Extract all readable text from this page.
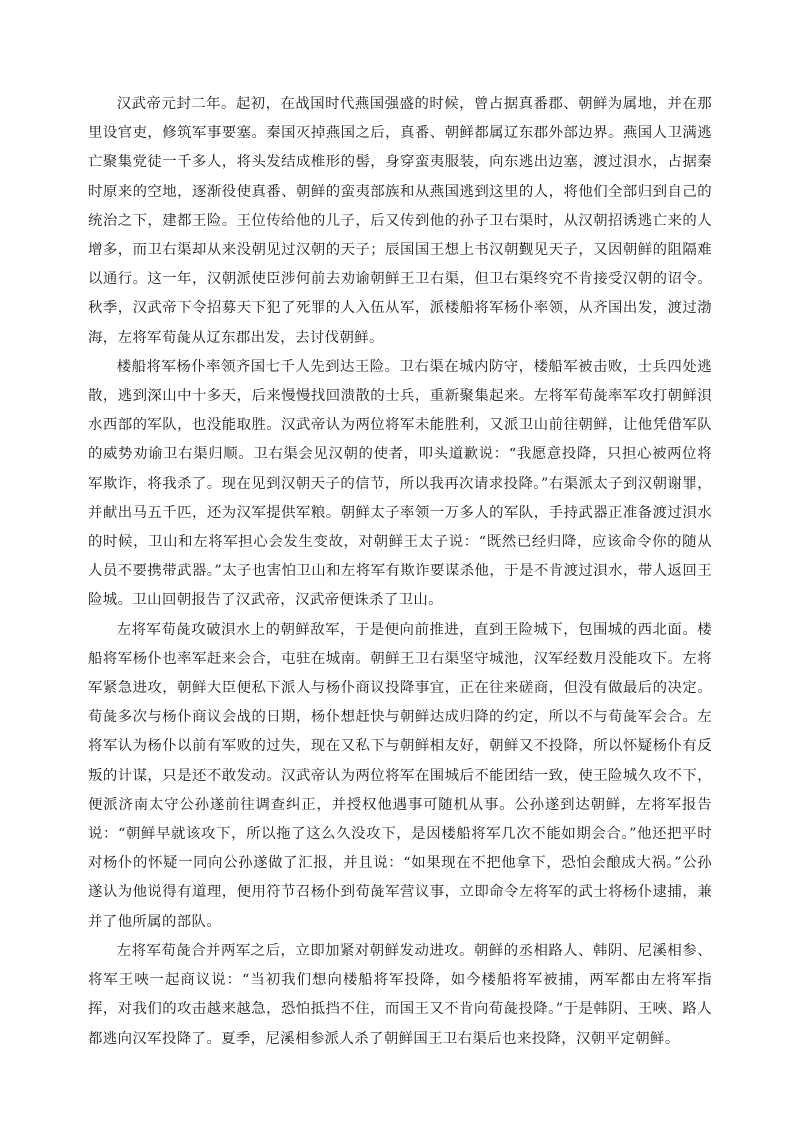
汉武帝元封二年。起初，在战国时代燕国强盛的时候，曾占据真番郡、朝鲜为属地，并在那里设官吏，修筑军事要塞。秦国灭掉燕国之后，真番、朝鲜都属辽东郡外部边界。燕国人卫满逃亡聚集党徒一千多人，将头发结成椎形的髻，身穿蛮夷服装，向东逃出边塞，渡过浿水，占据秦时原来的空地，逐渐役使真番、朝鲜的蛮夷部族和从燕国逃到这里的人，将他们全部归到自己的统治之下，建都王险。王位传给他的儿子，后又传到他的孙子卫右渠时，从汉朝招诱逃亡来的人增多，而卫右渠却从来没朝见过汉朝的天子；辰国国王想上书汉朝觐见天子，又因朝鲜的阻隔难以通行。这一年，汉朝派使臣涉何前去劝谕朝鲜王卫右渠，但卫右渠终究不肯接受汉朝的诏令。秋季，汉武帝下令招募天下犯了死罪的人入伍从军，派楼船将军杨仆率领，从齐国出发，渡过渤海，左将军荀彘从辽东郡出发，去讨伐朝鲜。

楼船将军杨仆率领齐国七千人先到达王险。卫右渠在城内防守，楼船军被击败，士兵四处逃散，逃到深山中十多天，后来慢慢找回溃散的士兵，重新聚集起来。左将军荀彘率军攻打朝鲜浿水西部的军队，也没能取胜。汉武帝认为两位将军未能胜利，又派卫山前往朝鲜，让他凭借军队的威势劝谕卫右渠归顺。卫右渠会见汉朝的使者，叩头道歉说：“我愿意投降，只担心被两位将军欺诈，将我杀了。现在见到汉朝天子的信节，所以我再次请求投降。”右渠派太子到汉朝谢罪，并献出马五千匹，还为汉军提供军粮。朝鲜太子率领一万多人的军队，手持武器正准备渡过浿水的时候，卫山和左将军担心会发生变故，对朝鲜王太子说：“既然已经归降，应该命令你的随从人员不要携带武器。”太子也害怕卫山和左将军有欺诈要谋杀他，于是不肯渡过浿水，带人返回王险城。卫山回朝报告了汉武帝，汉武帝便诛杀了卫山。

左将军荀彘攻破浿水上的朝鲜敌军，于是便向前推进，直到王险城下，包围城的西北面。楼船将军杨仆也率军赶来会合，屯驻在城南。朝鲜王卫右渠坚守城池，汉军经数月没能攻下。左将军紧急进攻，朝鲜大臣便私下派人与杨仆商议投降事宜，正在往来磋商，但没有做最后的决定。荀彘多次与杨仆商议会战的日期，杨仆想赶快与朝鲜达成归降的约定，所以不与荀彘军会合。左将军认为杨仆以前有军败的过失，现在又私下与朝鲜相友好，朝鲜又不投降，所以怀疑杨仆有反叛的计谋，只是还不敢发动。汉武帝认为两位将军在围城后不能团结一致，使王险城久攻不下，便派济南太守公孙遂前往调查纠正，并授权他遇事可随机从事。公孙遂到达朝鲜，左将军报告说：“朝鲜早就该攻下，所以拖了这么久没攻下，是因楼船将军几次不能如期会合。”他还把平时对杨仆的怀疑一同向公孙遂做了汇报，并且说：“如果现在不把他拿下，恐怕会酿成大祸。”公孙遂认为他说得有道理，便用符节召杨仆到荀彘军营议事，立即命令左将军的武士将杨仆逮捕，兼并了他所属的部队。

左将军荀彘合并两军之后，立即加紧对朝鲜发动进攻。朝鲜的丞相路人、韩阴、尼溪相参、将军王唊一起商议说：“当初我们想向楼船将军投降，如今楼船将军被捕，两军都由左将军指挥，对我们的攻击越来越急，恐怕抵挡不住，而国王又不肯向荀彘投降。”于是韩阴、王唊、路人都逃向汉军投降了。夏季，尼溪相参派人杀了朝鲜国王卫右渠后也来投降，汉朝平定朝鲜。
